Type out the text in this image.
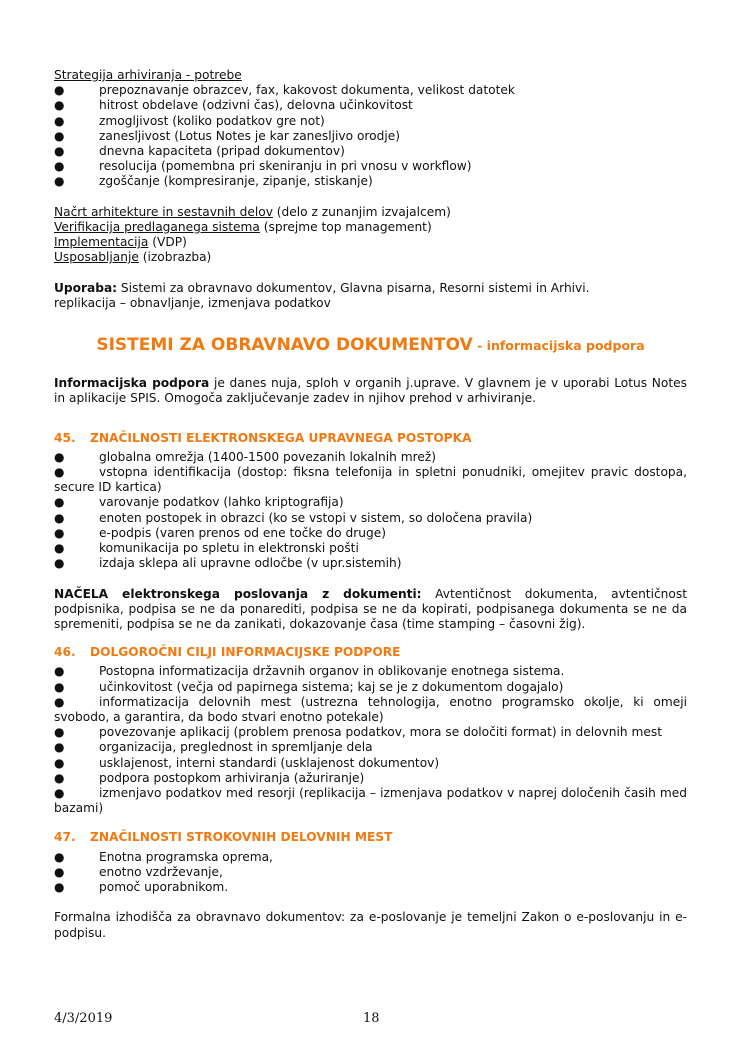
Strategija arhiviranja - potrebe
●	prepoznavanje obrazcev, fax, kakovost dokumenta, velikost datotek
●	hitrost obdelave (odzivni čas), delovna učinkovitost
●	zmogljivost (koliko podatkov gre not)
●	zanesljivost (Lotus Notes je kar zanesljivo orodje)
●	dnevna kapaciteta (pripad dokumentov)
●	resolucija (pomembna pri skeniranju in pri vnosu v workflow)
●	zgoščanje (kompresiranje, zipanje, stiskanje)
Načrt arhitekture in sestavnih delov (delo z zunanjim izvajalcem)
Verifikacija predlaganega sistema (sprejme top management)
Implementacija (VDP)
Usposabljanje (izobrazba)
Uporaba: Sistemi za obravnavo dokumentov, Glavna pisarna, Resorni sistemi in Arhivi.
replikacija – obnavljanje, izmenjava podatkov
SISTEMI ZA OBRAVNAVO DOKUMENTOV - informacijska podpora
Informacijska podpora je danes nuja, sploh v organih j.uprave. V glavnem je v uporabi Lotus Notes in aplikacije SPIS. Omogoča zaključevanje zadev in njihov prehod v arhiviranje.
45. ZNAČILNOSTI ELEKTRONSKEGA UPRAVNEGA POSTOPKA
●	globalna omrežja (1400-1500 povezanih lokalnih mrež)
●	vstopna identifikacija (dostop: fiksna telefonija in spletni ponudniki, omejitev pravic dostopa, secure ID kartica)
●	varovanje podatkov (lahko kriptografija)
●	enoten postopek in obrazci (ko se vstopi v sistem, so določena pravila)
●	e-podpis (varen prenos od ene točke do druge)
●	komunikacija po spletu in elektronski pošti
●	izdaja sklepa ali upravne odločbe (v upr.sistemih)
NAČELA elektronskega poslovanja z dokumenti: Avtentičnost dokumenta, avtentičnost podpisnika, podpisa se ne da ponarediti, podpisa se ne da kopirati, podpisanega dokumenta se ne da spremeniti, podpisa se ne da zanikati, dokazovanje časa (time stamping – časovni žig).
46. DOLGOROČNI CILJI INFORMACIJSKE PODPORE
●	Postopna informatizacija državnih organov in oblikovanje enotnega sistema.
●	učinkovitost (večja od papirnega sistema; kaj se je z dokumentom dogajalo)
●	informatizacija delovnih mest (ustrezna tehnologija, enotno programsko okolje, ki omeji svobodo, a garantira, da bodo stvari enotno potekale)
●	povezovanje aplikacij (problem prenosa podatkov, mora se določiti format) in delovnih mest
●	organizacija, preglednost in spremljanje dela
●	usklajenost, interni standardi (usklajenost dokumentov)
●	podpora postopkom arhiviranja (ažuriranje)
●	izmenjavo podatkov med resorji (replikacija – izmenjava podatkov v naprej določenih časih med bazami)
47. ZNAČILNOSTI STROKOVNIH DELOVNIH MEST
●	Enotna programska oprema,
●	enotno vzdrževanje,
●	pomoč uporabnikom.
Formalna izhodišča za obravnavo dokumentov: za e-poslovanje je temeljni Zakon o e-poslovanju in e-podpisu.
4/3/2019	18
